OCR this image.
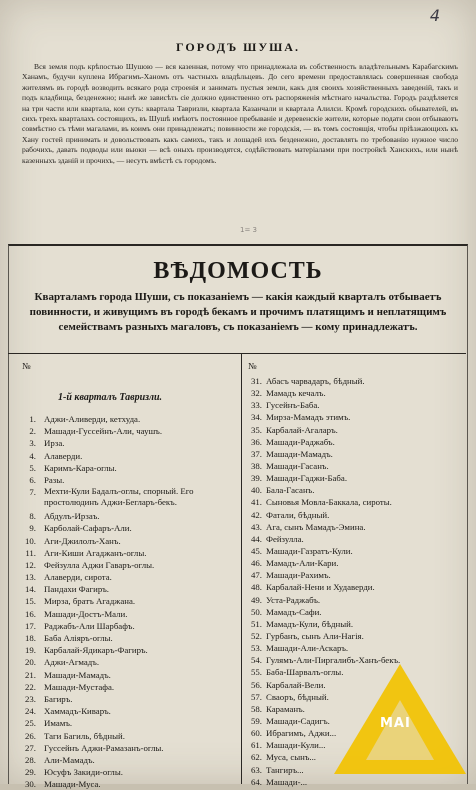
4
ГОРОДЪ ШУША.
Вся земля подъ крѣпостью Шушою — вся казенная, потому что принадлежала въ собственность владѣтельнымъ Карабагскимъ Ханамъ, будучи куплена Ибрагимъ-Ханомъ отъ частныхъ владѣльцевъ. До сего времени предоставлялась совершенная свобода жителямъ въ городѣ возводить всякаго рода строенія и занимать пустыя земли, какъ для своихъ хозяйственныхъ заведеній, такъ и подъ кладбища, безденежно; нынѣ же зависѣть сіе должно единственно отъ распоряженія мѣстнаго начальства. Городъ раздѣляется на три части или квартала, кои суть: квартала Тавризли, квартала Казанчали и квартала Алилси. Кромѣ городскихъ обывателей, въ сихъ трехъ кварталахъ состоящихъ, въ Шушѣ имѣютъ постоянное пребываніе и деревенскіе жители, которые подати свои отбываютъ совмѣстно съ тѣми магалами, въ коимъ они принадлежатъ; повинности же городскія, — въ томъ состоящія, чтобы пріѣзжающихъ къ Хану гостей принимать и довольствовать какъ самихъ, такъ и лошадей ихъ безденежно, доставлять по требованію нужное число рабочихъ, давать подводы или вьюки — всѣ оныхъ производятся, содѣйствовать матеріалами при постройкѣ Ханскихъ, или нынѣ казенныхъ зданій и прочихъ, — несутъ вмѣстѣ съ городомъ.
1= 3
ВѢДОМОСТЬ
Кварталамъ города Шуши, съ показаніемъ — какія каждый кварталъ отбываетъ повинности, и живущимъ въ городѣ бекамъ и прочимъ платящимъ и неплатящимъ семействамъ разныхъ магаловъ, съ показаніемъ — кому принадлежатъ.
№	№
1-й кварталъ Тавризли.
1. Аджи-Аливерди, кетхуда.
2. Машади-Гуссейнъ-Али, чаушъ.
3. Ирза.
4. Алаверди.
5. Каримъ-Кара-оглы.
6. Разы.
7. Мехти-Кули Бадалъ-оглы, спорный. Его простолюдинъ Аджи-Бегларъ-бекъ.
8. Абдулъ-Ирзаъ.
9. Карболай-Сафаръ-Али.
10. Аги-Джилолъ-Ханъ.
11. Аги-Киши Агаджанъ-оглы.
12. Фейзулла Аджи Гаваръ-оглы.
13. Алаверди, сирота.
14. Пандахи Фагиръ.
15. Мирза, братъ Агаджана.
16. Машади-Достъ-Мали.
17. Раджабъ-Али Шарбафъ.
18. Баба Аліяръ-оглы.
19. Карбалай-Ядикаръ-Фагиръ.
20. Аджи-Агмадъ.
21. Машади-Мамадъ.
22. Машади-Мустафа.
23. Багиръ.
24. Хаммадъ-Киваръ.
25. Имамъ.
26. Таги Багиль, бѣдный.
27. Гуссейнъ Аджи-Рамазанъ-оглы.
28. Али-Мамадъ.
29. Юсуфъ Закиди-оглы.
30. Машади-Муса.
31. Абасъ чарвадаръ, бѣдный.
32. Мамадъ кечалъ.
33. Гусейнъ-Баба.
34. Мирза-Мамадъ этимъ.
35. Карбалай-Агаларъ.
36. Машади-Раджабъ.
37. Машади-Мамадъ.
38. Машади-Гасанъ.
39. Машади-Гаджи-Баба.
40. Бала-Гасанъ.
41. Сыновья Мовла-Баккала, сироты.
42. Фатали, бѣдный.
43. Ага, сынъ Мамадъ-Эмина.
44. Фейзулла.
45. Машади-Газратъ-Кули.
46. Мамадъ-Али-Кари.
47. Машади-Рахимъ.
48. Карбалай-Нени и Худаверди.
49. Уста-Раджабъ.
50. Мамадъ-Сафи.
51. Мамадъ-Кули, бѣдный.
52. Гурбанъ, сынъ Али-Нагія.
53. Машади-Али-Аскаръ.
54. Гулямъ-Али-Пиргалибъ-Ханъ-бекъ.
55. Баба-Шарвалъ-оглы.
56. Карбалай-Вели.
57. Сваоръ, бѣдный.
58. Караманъ.
59. Машади-Садигъ.
60. Ибрагимъ, Аджи...
61. Машади-Кули...
62. Муса, сынъ...
63. Тангиръ...
64. Машади-...
MAI
